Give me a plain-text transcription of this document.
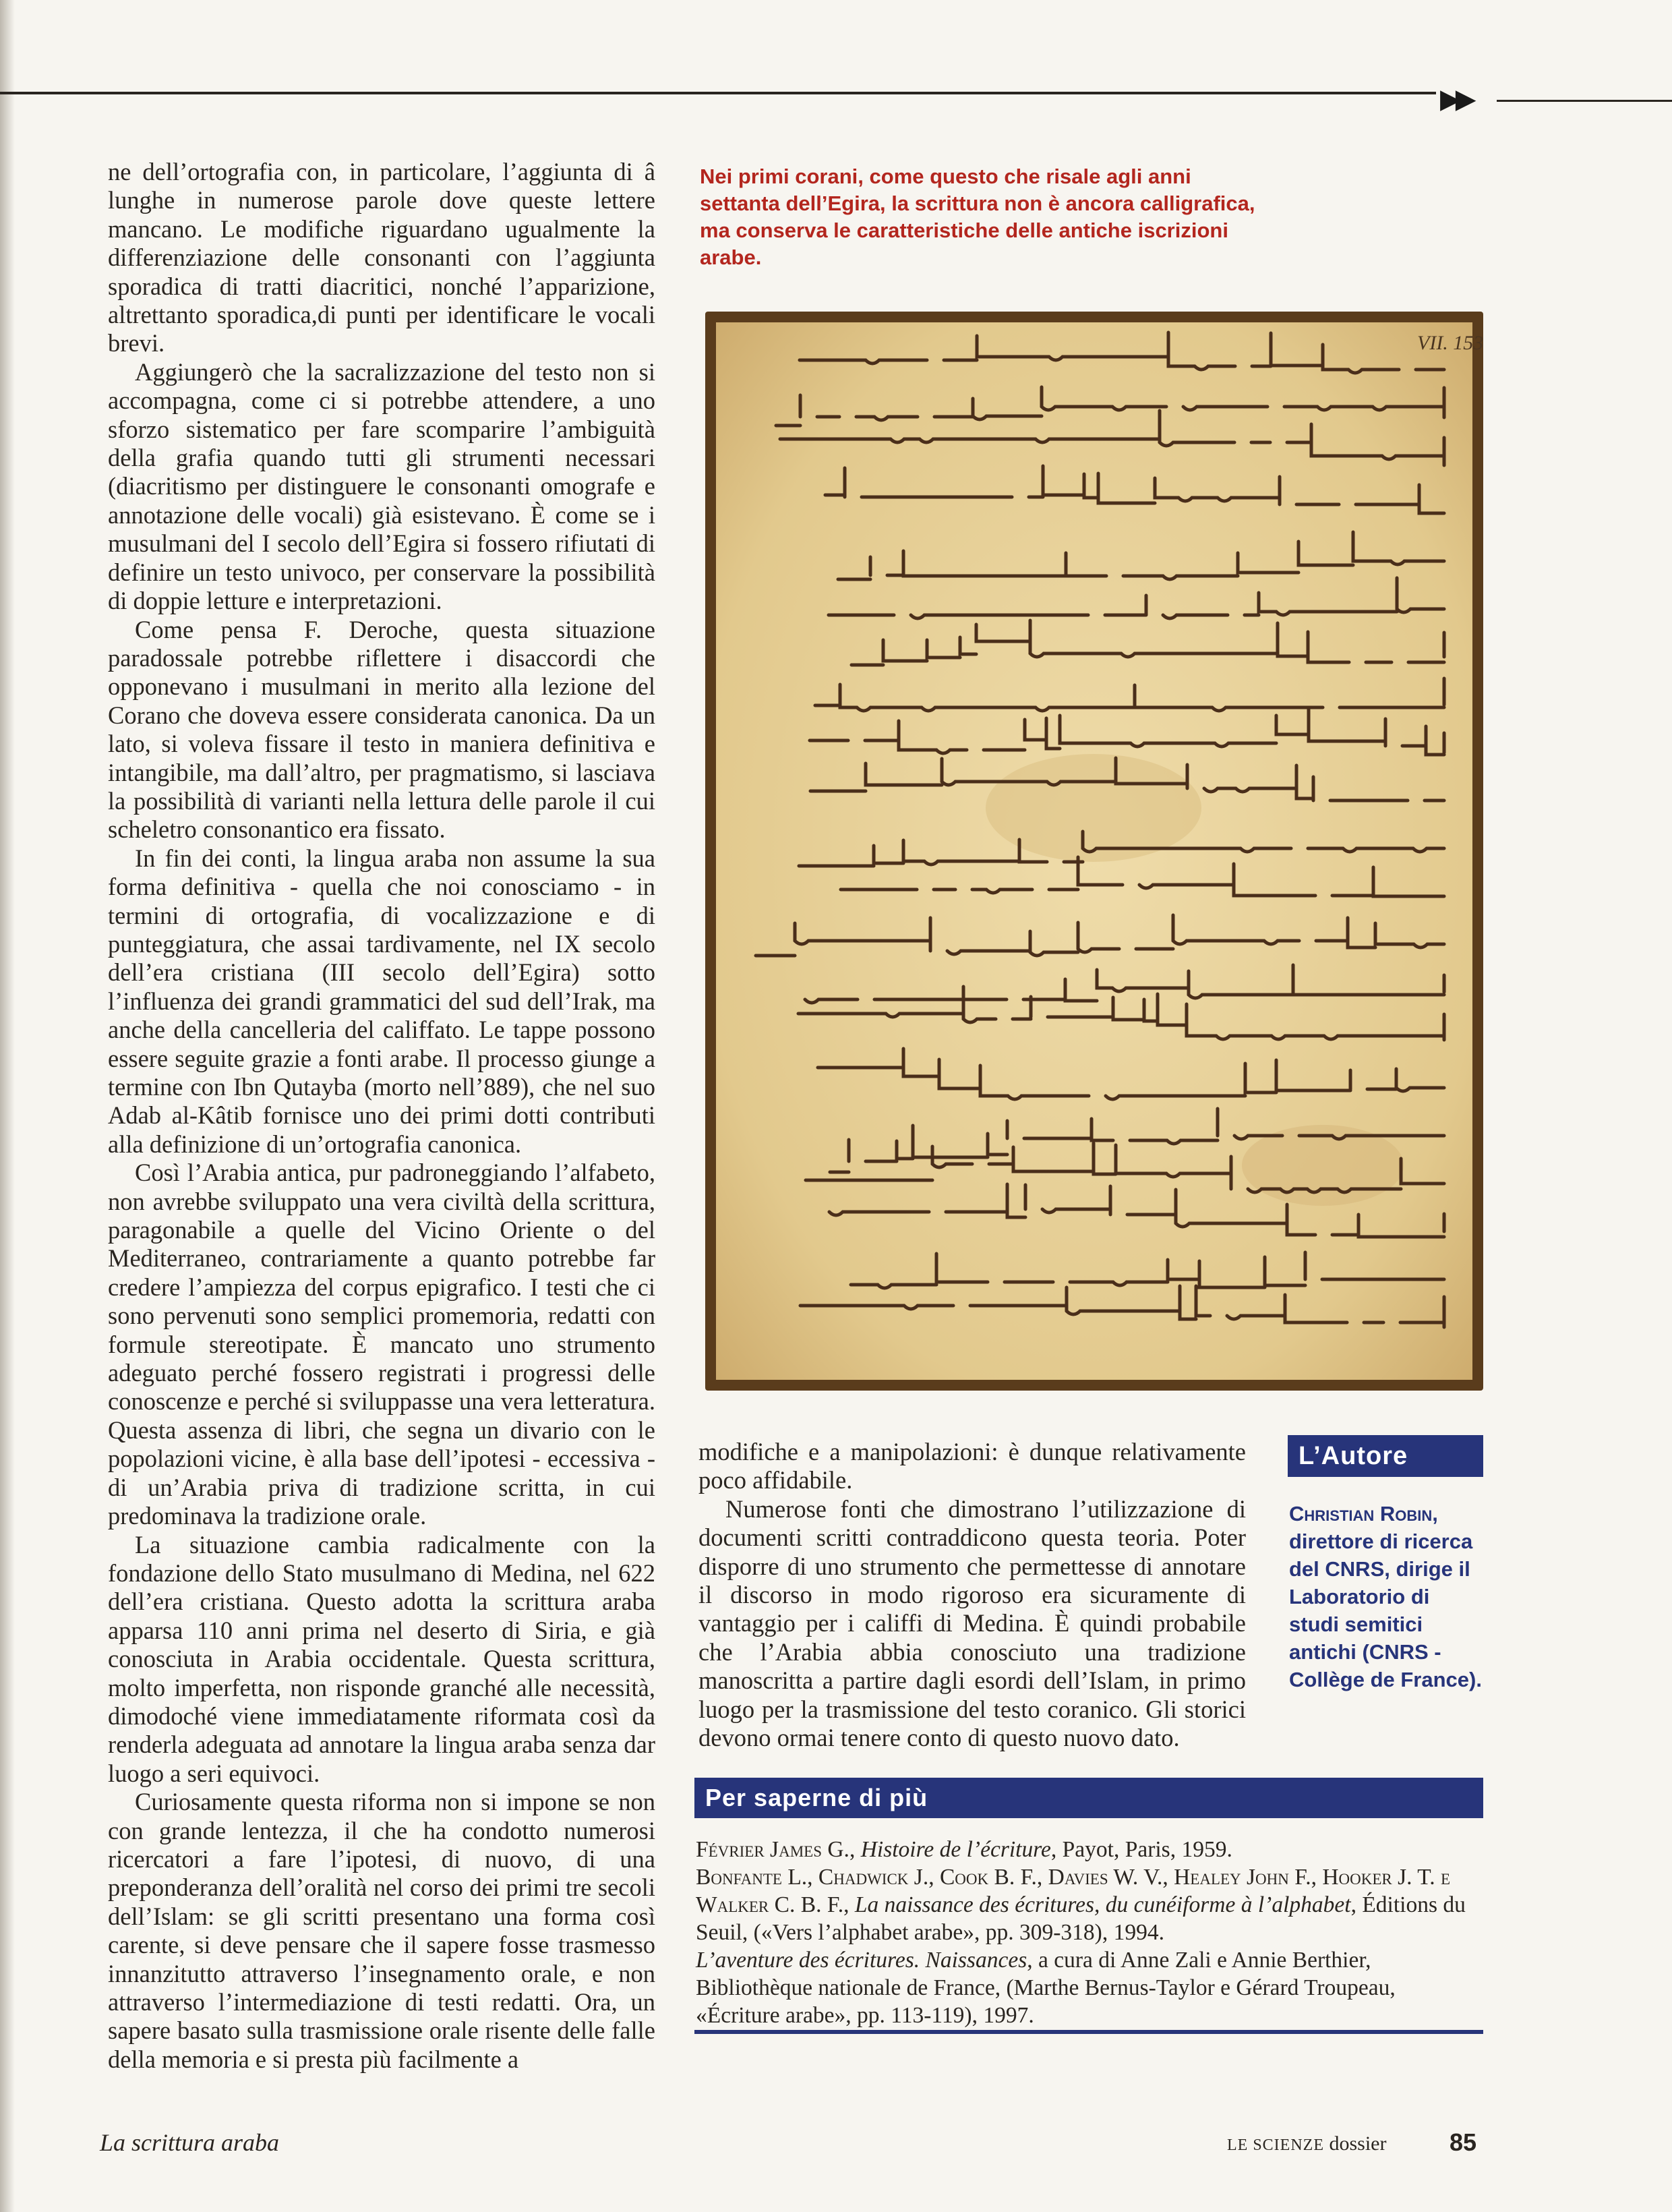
▶▶

ne dell’ortografia con, in particolare, l’aggiunta di â lunghe in numerose parole dove queste lettere mancano. Le modifiche riguardano ugualmente la differenziazione delle consonanti con l’aggiunta sporadica di tratti diacritici, nonché l’apparizione, altrettanto sporadica,di punti per identificare le vocali brevi.

Aggiungerò che la sacralizzazione del testo non si accompagna, come ci si potrebbe attendere, a uno sforzo sistematico per fare scomparire l’ambiguità della grafia quando tutti gli strumenti necessari (diacritismo per distinguere le consonanti omografe e annotazione delle vocali) già esistevano. È come se i musulmani del I secolo dell’Egira si fossero rifiutati di definire un testo univoco, per conservare la possibilità di doppie letture e interpretazioni.

Come pensa F. Deroche, questa situazione paradossale potrebbe riflettere i disaccordi che opponevano i musulmani in merito alla lezione del Corano che doveva essere considerata canonica. Da un lato, si voleva fissare il testo in maniera definitiva e intangibile, ma dall’altro, per pragmatismo, si lasciava la possibilità di varianti nella lettura delle parole il cui scheletro consonantico era fissato.

In fin dei conti, la lingua araba non assume la sua forma definitiva - quella che noi conosciamo - in termini di ortografia, di vocalizzazione e di punteggiatura, che assai tardivamente, nel IX secolo dell’era cristiana (III secolo dell’Egira) sotto l’influenza dei grandi grammatici del sud dell’Irak, ma anche della cancelleria del califfato. Le tappe possono essere seguite grazie a fonti arabe. Il processo giunge a termine con Ibn Qutayba (morto nell’889), che nel suo Adab al-Kâtib fornisce uno dei primi dotti contributi alla definizione di un’ortografia canonica.

Così l’Arabia antica, pur padroneggiando l’alfabeto, non avrebbe sviluppato una vera civiltà della scrittura, paragonabile a quelle del Vicino Oriente o del Mediterraneo, contrariamente a quanto potrebbe far credere l’ampiezza del corpus epigrafico. I testi che ci sono pervenuti sono semplici promemoria, redatti con formule stereotipate. È mancato uno strumento adeguato perché fossero registrati i progressi delle conoscenze e perché si sviluppasse una vera letteratura. Questa assenza di libri, che segna un divario con le popolazioni vicine, è alla base dell’ipotesi - eccessiva - di un’Arabia priva di tradizione scritta, in cui predominava la tradizione orale.

La situazione cambia radicalmente con la fondazione dello Stato musulmano di Medina, nel 622 dell’era cristiana. Questo adotta la scrittura araba apparsa 110 anni prima nel deserto di Siria, e già conosciuta in Arabia occidentale. Questa scrittura, molto imperfetta, non risponde granché alle necessità, dimodoché viene immediatamente riformata così da renderla adeguata ad annotare la lingua araba senza dar luogo a seri equivoci.

Curiosamente questa riforma non si impone se non con grande lentezza, il che ha condotto numerosi ricercatori a fare l’ipotesi, di nuovo, di una preponderanza dell’oralità nel corso dei primi tre secoli dell’Islam: se gli scritti presentano una forma così carente, si deve pensare che il sapere fosse trasmesso innanzitutto attraverso l’insegnamento orale, e non attraverso l’intermediazione di testi redatti. Ora, un sapere basato sulla trasmissione orale risente delle falle della memoria e si presta più facilmente a

Nei primi corani, come questo che risale agli anni settanta dell’Egira, la scrittura non è ancora calligrafica, ma conserva le caratteristiche delle antiche iscrizioni arabe.
VII. 153

modifiche e a manipolazioni: è dunque relativamente poco affidabile.

Numerose fonti che dimostrano l’utilizzazione di documenti scritti contraddicono questa teoria. Poter disporre di uno strumento che permettesse di annotare il discorso in modo rigoroso era sicuramente di vantaggio per i califfi di Medina. È quindi probabile che l’Arabia abbia conosciuto una tradizione manoscritta a partire dagli esordi dell’Islam, in primo luogo per la trasmissione del testo coranico. Gli storici devono ormai tenere conto di questo nuovo dato.

L’Autore
Christian Robin, direttore di ricerca del CNRS, dirige il Laboratorio di studi semitici antichi (CNRS - Collège de France).
Per saperne di più
Février James G., Histoire de l’écriture, Payot, Paris, 1959.
Bonfante L., Chadwick J., Cook B. F., Davies W. V., Healey John F., Hooker J. T. e Walker C. B. F., La naissance des écritures, du cunéiforme à l’alphabet, Éditions du Seuil, («Vers l’alphabet arabe», pp. 309-318), 1994.
L’aventure des écritures. Naissances, a cura di Anne Zali e Annie Berthier, Bibliothèque nationale de France, (Marthe Bernus-Taylor e Gérard Troupeau, «Écriture arabe», pp. 113-119), 1997.
La scrittura araba	LE SCIENZE dossier	85
